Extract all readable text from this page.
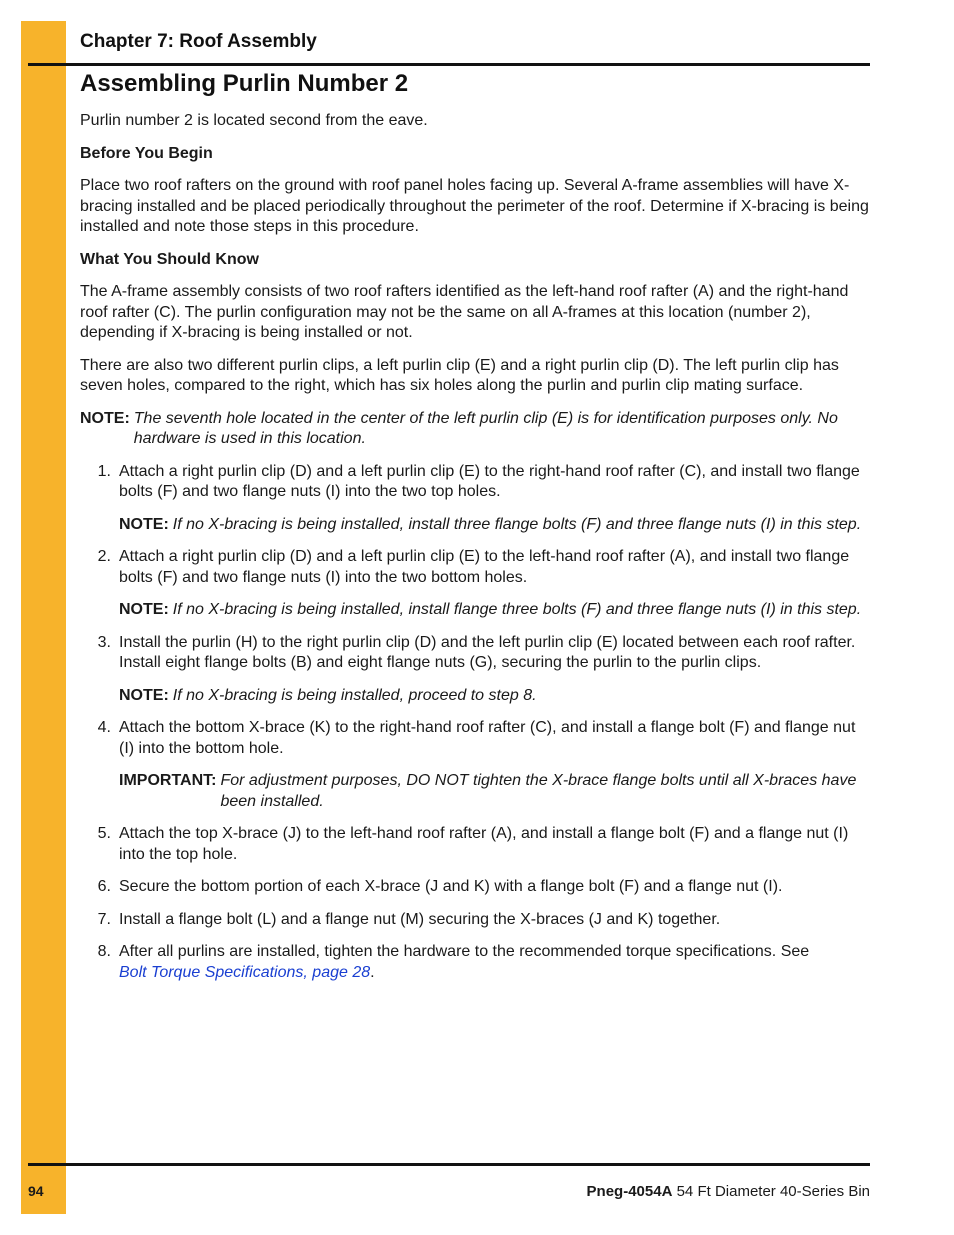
Chapter 7: Roof Assembly
Assembling Purlin Number 2

Purlin number 2 is located second from the eave.

Before You Begin

Place two roof rafters on the ground with roof panel holes facing up. Several A-frame assemblies will have X-bracing installed and be placed periodically throughout the perimeter of the roof. Determine if X-bracing is being installed and note those steps in this procedure.

What You Should Know

The A-frame assembly consists of two roof rafters identified as the left-hand roof rafter (A) and the right-hand roof rafter (C). The purlin configuration may not be the same on all A-frames at this location (number 2), depending if X-bracing is being installed or not.

There are also two different purlin clips, a left purlin clip (E) and a right purlin clip (D). The left purlin clip has seven holes, compared to the right, which has six holes along the purlin and purlin clip mating surface.

NOTE: The seventh hole located in the center of the left purlin clip (E) is for identification purposes only. No hardware is used in this location.
1. Attach a right purlin clip (D) and a left purlin clip (E) to the right-hand roof rafter (C), and install two flange bolts (F) and two flange nuts (I) into the two top holes.
NOTE: If no X-bracing is being installed, install three flange bolts (F) and three flange nuts (I) in this step.
2. Attach a right purlin clip (D) and a left purlin clip (E) to the left-hand roof rafter (A), and install two flange bolts (F) and two flange nuts (I) into the two bottom holes.
NOTE: If no X-bracing is being installed, install flange three bolts (F) and three flange nuts (I) in this step.
3. Install the purlin (H) to the right purlin clip (D) and the left purlin clip (E) located between each roof rafter. Install eight flange bolts (B) and eight flange nuts (G), securing the purlin to the purlin clips.
NOTE: If no X-bracing is being installed, proceed to step 8.
4. Attach the bottom X-brace (K) to the right-hand roof rafter (C), and install a flange bolt (F) and flange nut (I) into the bottom hole.
IMPORTANT: For adjustment purposes, DO NOT tighten the X-brace flange bolts until all X-braces have been installed.
5. Attach the top X-brace (J) to the left-hand roof rafter (A), and install a flange bolt (F) and a flange nut (I) into the top hole.
6. Secure the bottom portion of each X-brace (J and K) with a flange bolt (F) and a flange nut (I).
7. Install a flange bolt (L) and a flange nut (M) securing the X-braces (J and K) together.
8. After all purlins are installed, tighten the hardware to the recommended torque specifications. See
Bolt Torque Specifications, page 28.
94	Pneg-4054A 54 Ft Diameter 40-Series Bin
